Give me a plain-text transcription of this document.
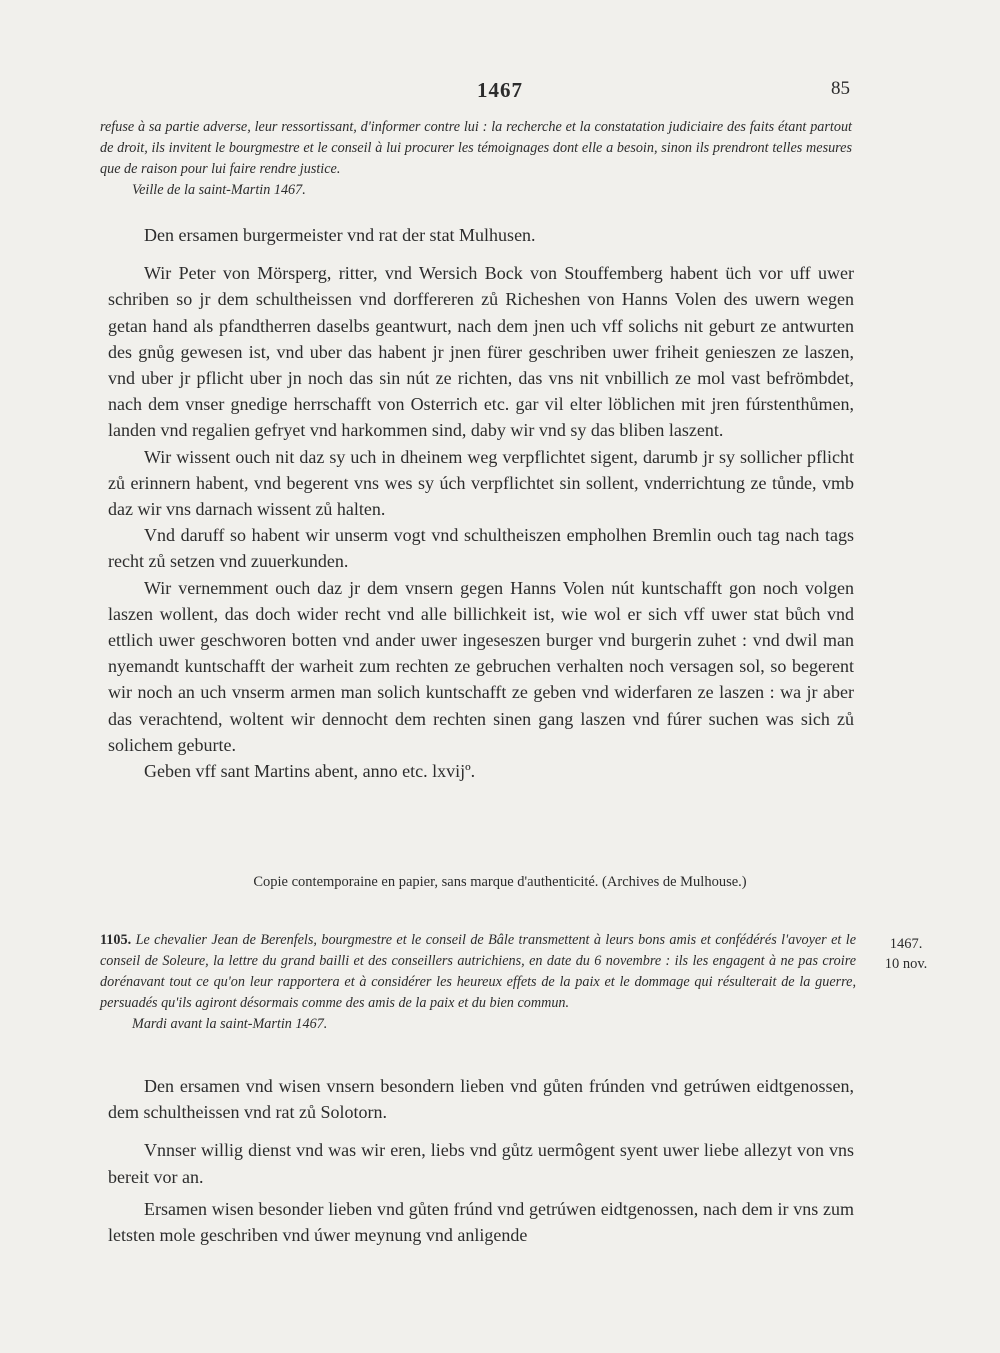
1467	85

refuse à sa partie adverse, leur ressortissant, d'informer contre lui : la recherche et la constatation judiciaire des faits étant partout de droit, ils invitent le bourgmestre et le conseil à lui procurer les témoignages dont elle a besoin, sinon ils prendront telles mesures que de raison pour lui faire rendre justice.

Veille de la saint-Martin 1467.

Den ersamen burgermeister vnd rat der stat Mulhusen.

Wir Peter von Mörsperg, ritter, vnd Wersich Bock von Stouffemberg habent üch vor uff uwer schriben so jr dem schultheissen vnd dorffereren zů Richeshen von Hanns Volen des uwern wegen getan hand als pfandtherren daselbs geantwurt, nach dem jnen uch vff solichs nit geburt ze antwurten des gnůg gewesen ist, vnd uber das habent jr jnen fürer geschriben uwer friheit genieszen ze laszen, vnd uber jr pflicht uber jn noch das sin nút ze richten, das vns nit vnbillich ze mol vast befrömbdet, nach dem vnser gnedige herrschafft von Osterrich etc. gar vil elter löblichen mit jren fúrstenthůmen, landen vnd regalien gefryet vnd harkommen sind, daby wir vnd sy das bliben laszent.

Wir wissent ouch nit daz sy uch in dheinem weg verpflichtet sigent, darumb jr sy sollicher pflicht zů erinnern habent, vnd begerent vns wes sy úch verpflichtet sin sollent, vnderrichtung ze tůnde, vmb daz wir vns darnach wissent zů halten.

Vnd daruff so habent wir unserm vogt vnd schultheiszen empholhen Bremlin ouch tag nach tags recht zů setzen vnd zuuerkunden.

Wir vernemment ouch daz jr dem vnsern gegen Hanns Volen nút kuntschafft gon noch volgen laszen wollent, das doch wider recht vnd alle billichkeit ist, wie wol er sich vff uwer stat bůch vnd ettlich uwer geschworen botten vnd ander uwer ingeseszen burger vnd burgerin zuhet : vnd dwil man nyemandt kuntschafft der warheit zum rechten ze gebruchen verhalten noch versagen sol, so begerent wir noch an uch vnserm armen man solich kuntschafft ze geben vnd widerfaren ze laszen : wa jr aber das verachtend, woltent wir dennocht dem rechten sinen gang laszen vnd fúrer suchen was sich zů solichem geburte.

Geben vff sant Martins abent, anno etc. lxvijº.

Copie contemporaine en papier, sans marque d'authenticité. (Archives de Mulhouse.)

1105. Le chevalier Jean de Berenfels, bourgmestre et le conseil de Bâle transmettent à leurs bons amis et confédérés l'avoyer et le conseil de Soleure, la lettre du grand bailli et des conseillers autrichiens, en date du 6 novembre : ils les engagent à ne pas croire dorénavant tout ce qu'on leur rapportera et à considérer les heureux effets de la paix et le dommage qui résulterait de la guerre, persuadés qu'ils agiront désormais comme des amis de la paix et du bien commun.

Mardi avant la saint-Martin 1467.
1467.
10 nov.

Den ersamen vnd wisen vnsern besondern lieben vnd gůten frúnden vnd getrúwen eidtgenossen, dem schultheissen vnd rat zů Solotorn.

Vnnser willig dienst vnd was wir eren, liebs vnd gůtz uermôgent syent uwer liebe allezyt von vns bereit vor an.

Ersamen wisen besonder lieben vnd gůten frúnd vnd getrúwen eidtgenossen, nach dem ir vns zum letsten mole geschriben vnd úwer meynung vnd anligende
